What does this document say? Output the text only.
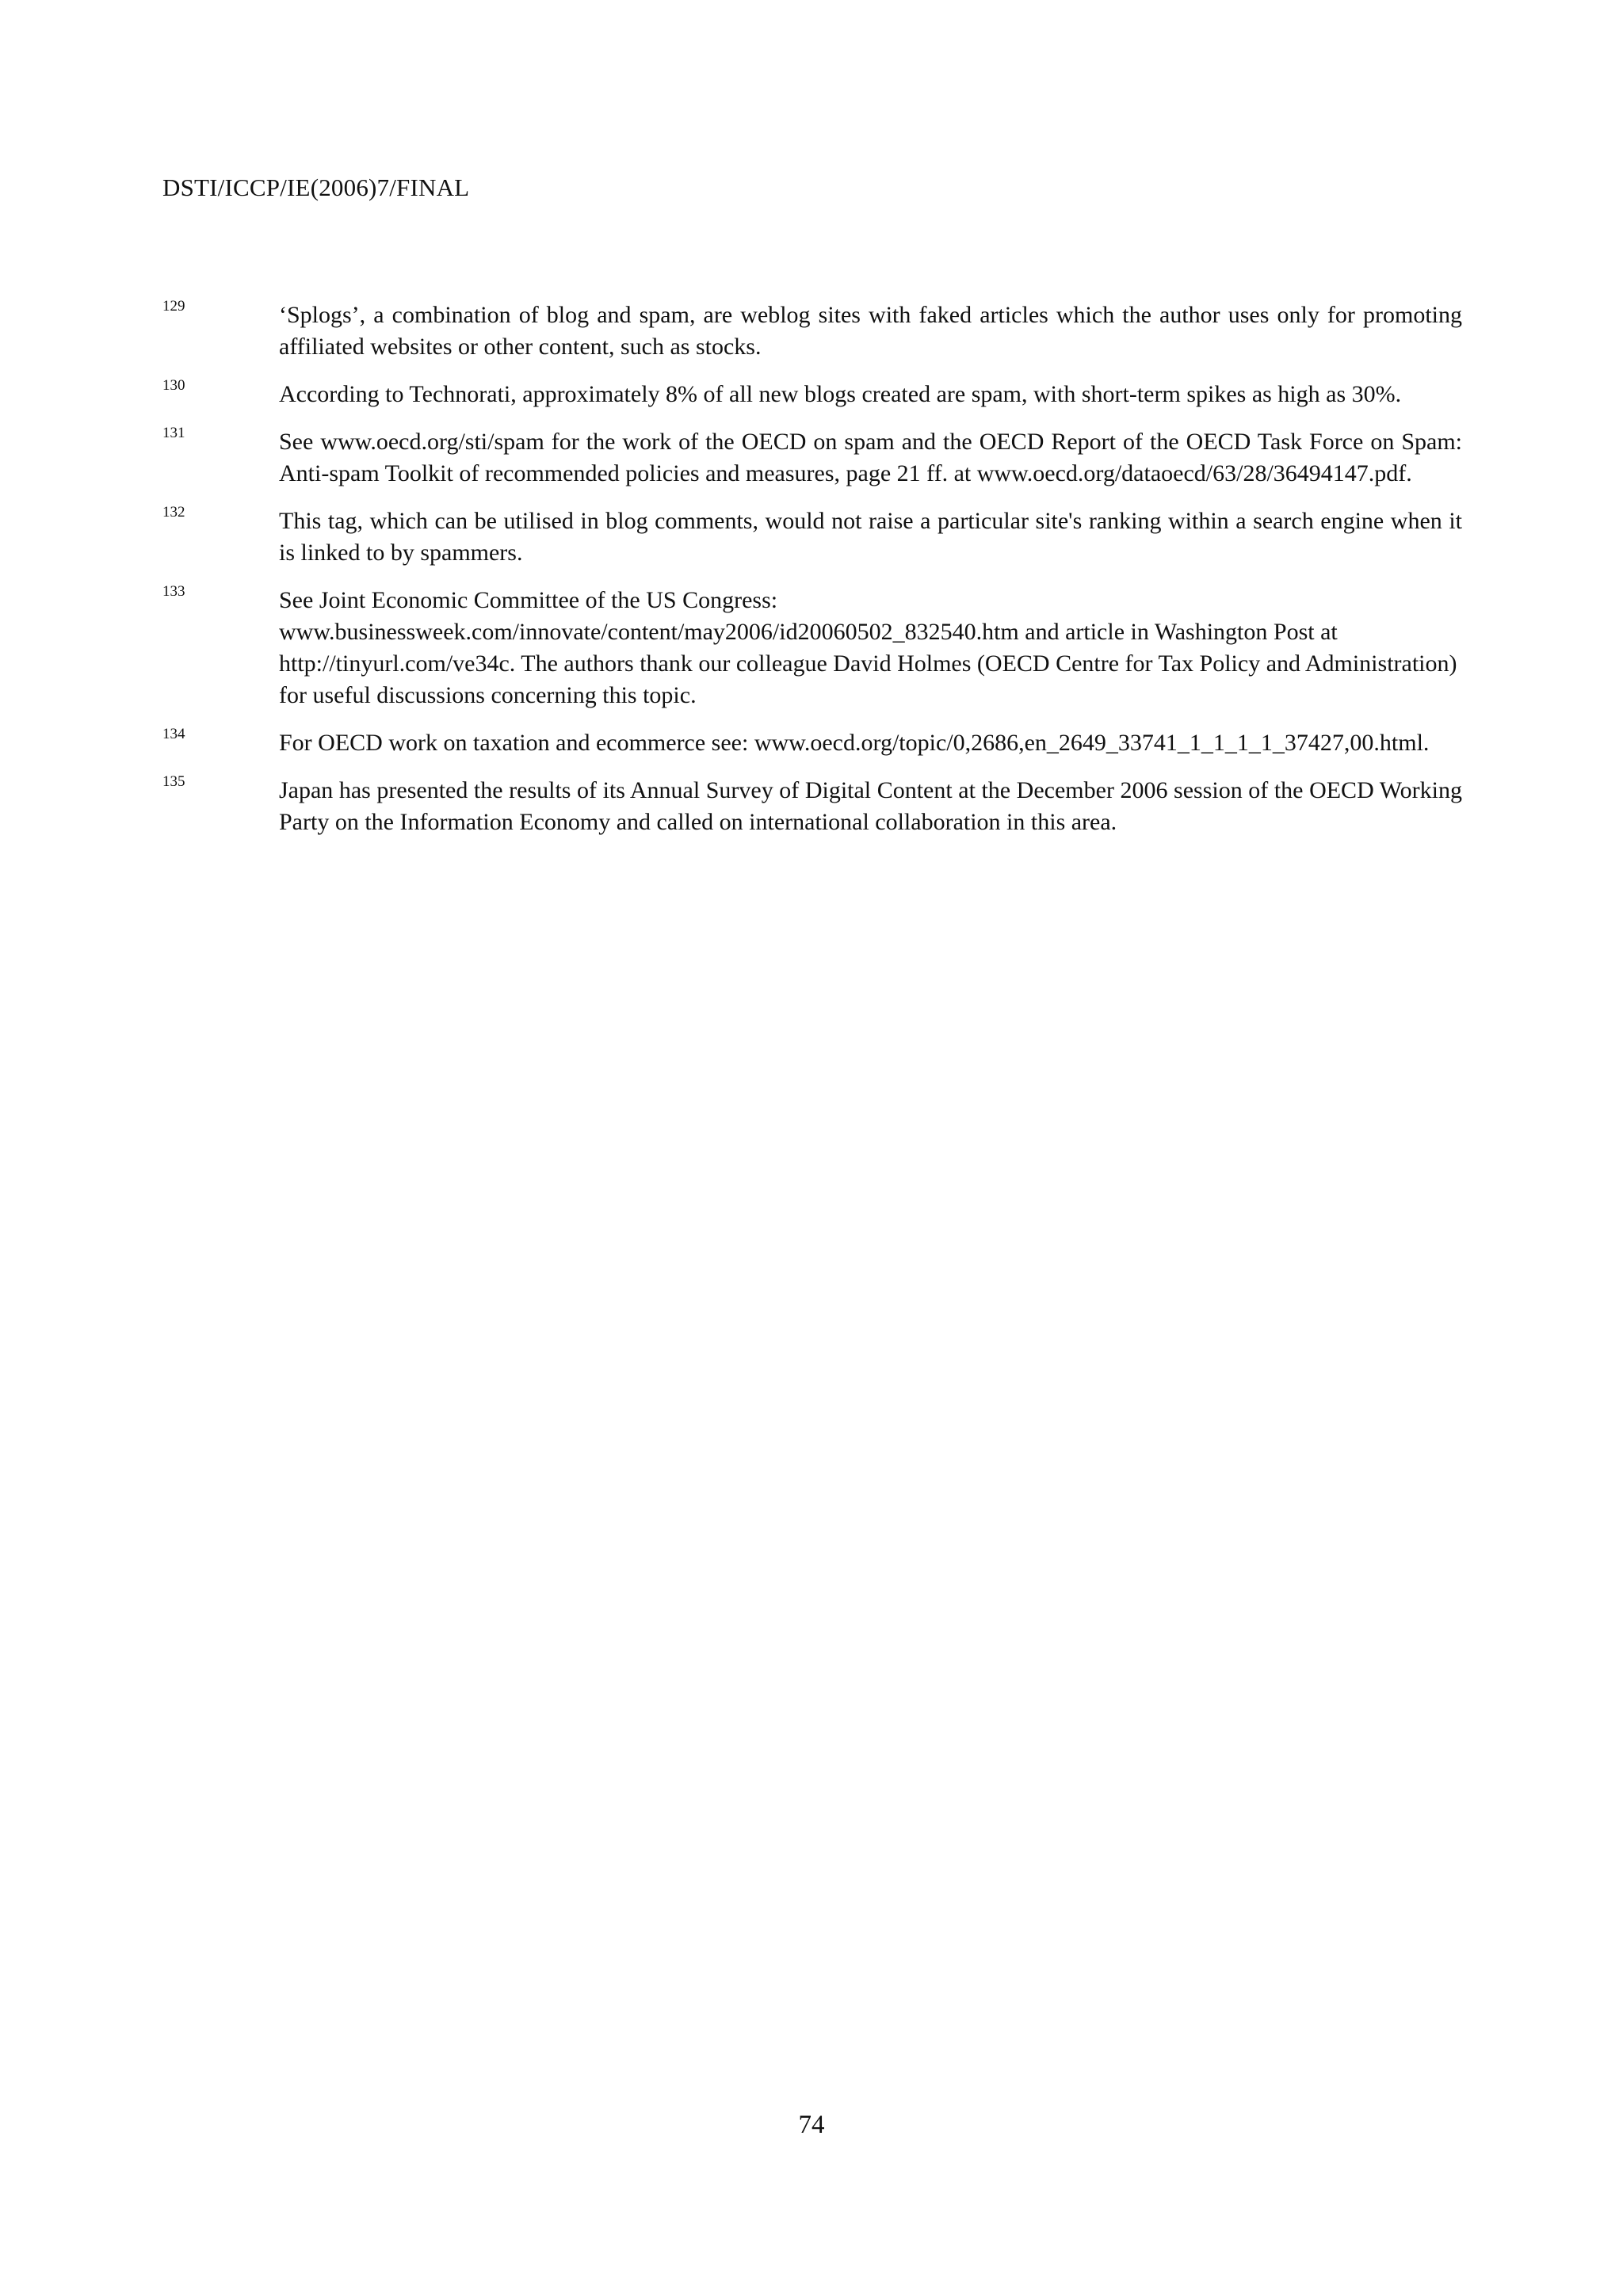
DSTI/ICCP/IE(2006)7/FINAL
129	‘Splogs’, a combination of blog and spam, are weblog sites with faked articles which the author uses only for promoting affiliated websites or other content, such as stocks.

130	According to Technorati, approximately 8% of all new blogs created are spam, with short-term spikes as high as 30%.

131	See www.oecd.org/sti/spam for the work of the OECD on spam and the OECD Report of the OECD Task Force on Spam: Anti-spam Toolkit of recommended policies and measures, page 21 ff. at www.oecd.org/dataoecd/63/28/36494147.pdf.

132	This tag, which can be utilised in blog comments, would not raise a particular site's ranking within a search engine when it is linked to by spammers.

133	See Joint Economic Committee of the US Congress: www.businessweek.com/innovate/content/may2006/id20060502_832540.htm and article in Washington Post at http://tinyurl.com/ve34c. The authors thank our colleague David Holmes (OECD Centre for Tax Policy and Administration) for useful discussions concerning this topic.

134	For OECD work on taxation and ecommerce see: www.oecd.org/topic/0,2686,en_2649_33741_1_1_1_1_37427,00.html.

135	Japan has presented the results of its Annual Survey of Digital Content at the December 2006 session of the OECD Working Party on the Information Economy and called on international collaboration in this area.

74
